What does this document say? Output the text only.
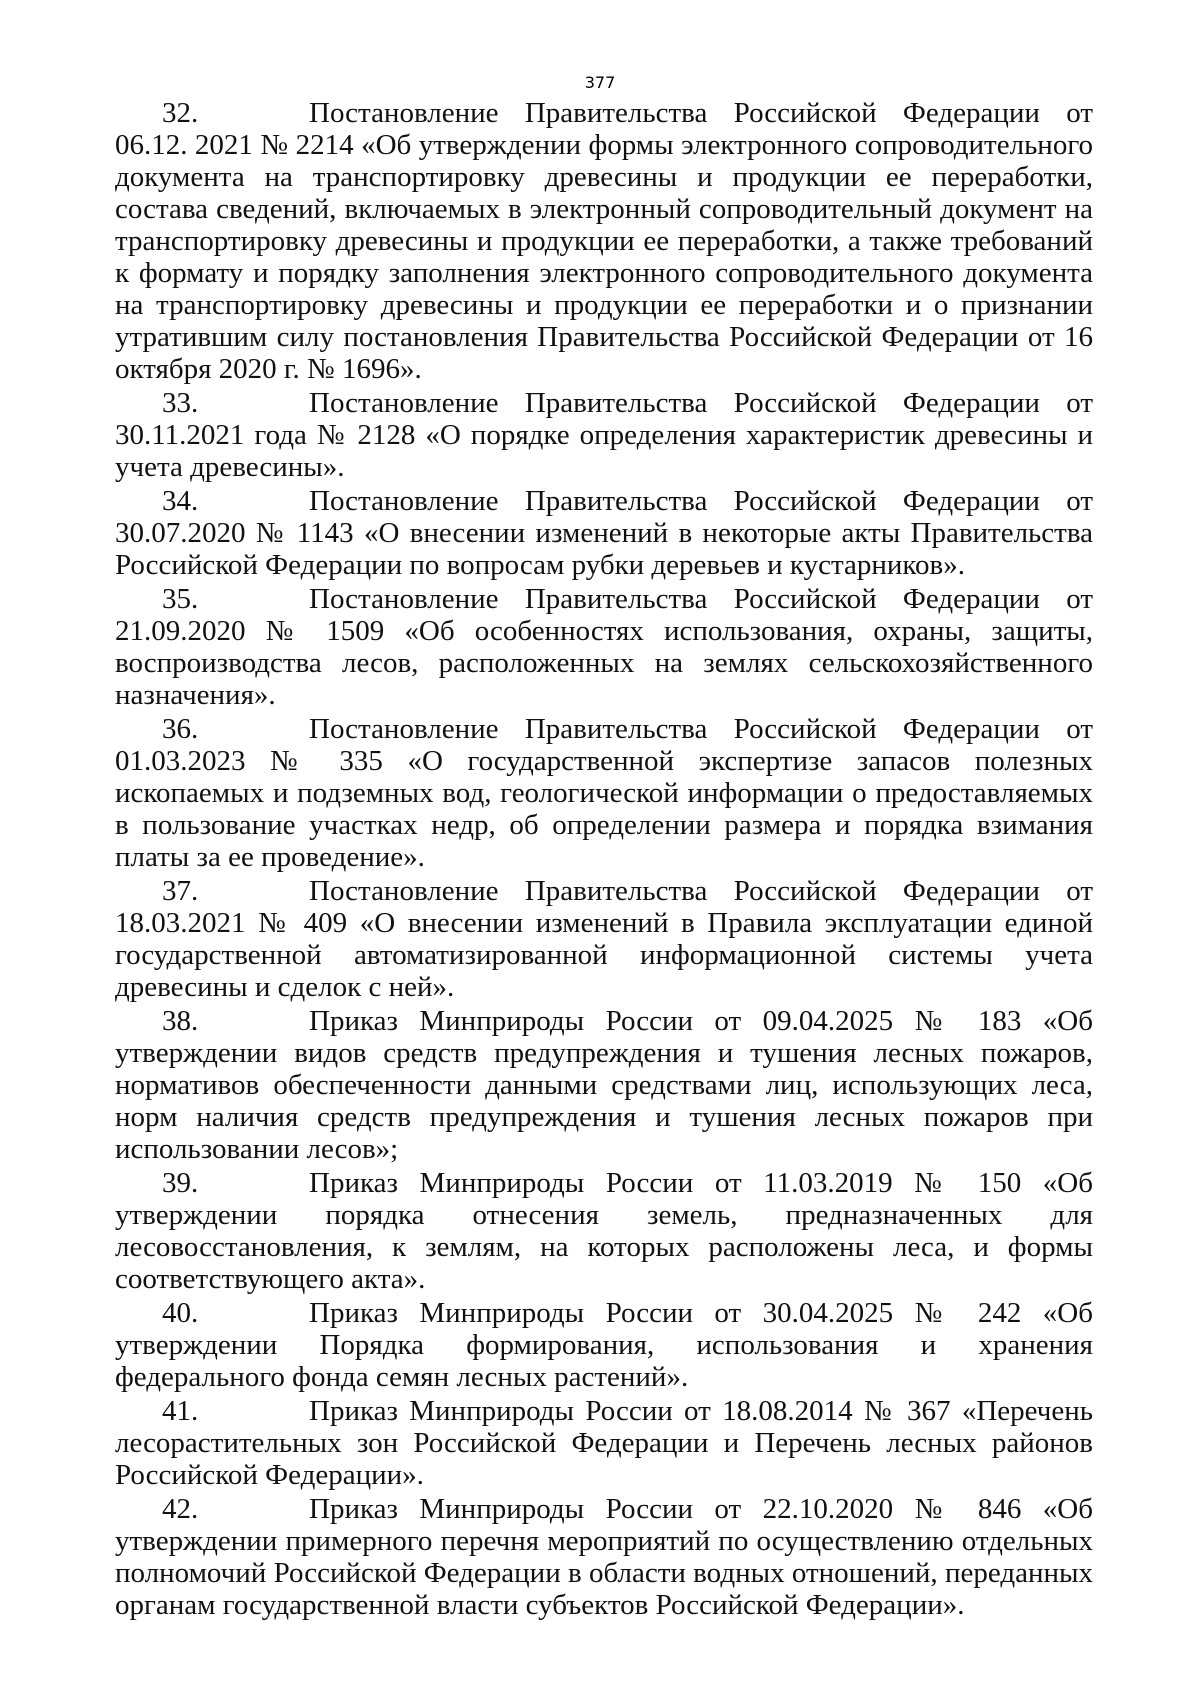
377

32.	Постановление Правительства Российской Федерации от 06.12. 2021 № 2214 «Об утверждении формы электронного сопроводительного документа на транспортировку древесины и продукции ее переработки, состава сведений, включаемых в электронный сопроводительный документ на транспортировку древесины и продукции ее переработки, а также требований к формату и порядку заполнения электронного сопроводительного документа на транспортировку древесины и продукции ее переработки и о признании утратившим силу постановления Правительства Российской Федерации от 16 октября 2020 г. № 1696».

33.	Постановление Правительства Российской Федерации от 30.11.2021 года № 2128 «О порядке определения характеристик древесины и учета древесины».

34.	Постановление Правительства Российской Федерации от 30.07.2020 № 1143 «О внесении изменений в некоторые акты Правительства Российской Федерации по вопросам рубки деревьев и кустарников».

35.	Постановление Правительства Российской Федерации от 21.09.2020 № 1509 «Об особенностях использования, охраны, защиты, воспроизводства лесов, расположенных на землях сельскохозяйственного назначения».

36.	Постановление Правительства Российской Федерации от 01.03.2023 № 335 «О государственной экспертизе запасов полезных ископаемых и подземных вод, геологической информации о предоставляемых в пользование участках недр, об определении размера и порядка взимания платы за ее проведение».

37.	Постановление Правительства Российской Федерации от 18.03.2021 № 409 «О внесении изменений в Правила эксплуатации единой государственной автоматизированной информационной системы учета древесины и сделок с ней».

38.	Приказ Минприроды России от 09.04.2025 № 183 «Об утверждении видов средств предупреждения и тушения лесных пожаров, нормативов обеспеченности данными средствами лиц, использующих леса, норм наличия средств предупреждения и тушения лесных пожаров при использовании лесов»;

39.	Приказ Минприроды России от 11.03.2019 № 150 «Об утверждении порядка отнесения земель, предназначенных для лесовосстановления, к землям, на которых расположены леса, и формы соответствующего акта».

40.	Приказ Минприроды России от 30.04.2025 № 242 «Об утверждении Порядка формирования, использования и хранения федерального фонда семян лесных растений».

41.	Приказ Минприроды России от 18.08.2014 № 367 «Перечень лесорастительных зон Российской Федерации и Перечень лесных районов Российской Федерации».

42.	Приказ Минприроды России от 22.10.2020 № 846 «Об утверждении примерного перечня мероприятий по осуществлению отдельных полномочий Российской Федерации в области водных отношений, переданных органам государственной власти субъектов Российской Федерации».
